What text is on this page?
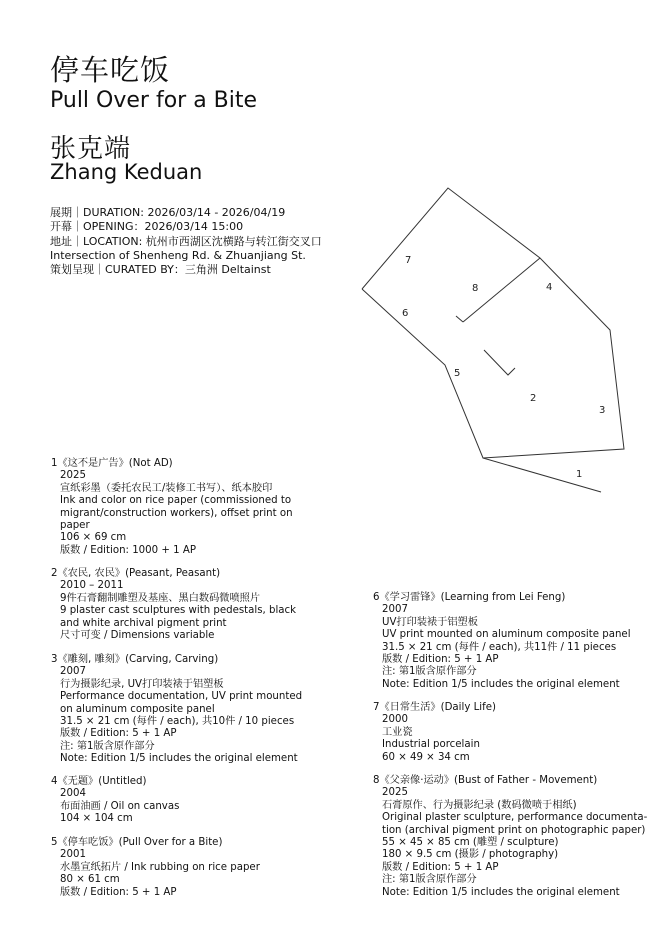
停车吃饭
Pull Over for a Bite
张克端
Zhang Keduan
展期｜DURATION: 2026/03/14 - 2026/04/19
开幕｜OPENING：2026/03/14 15:00
地址｜LOCATION: 杭州市西湖区沈横路与转江街交叉口
Intersection of Shenheng Rd. & Zhuanjiang St.
策划呈现｜CURATED BY：三角洲 Deltainst
1
2
3
4
5
6
7
8
1《这不是广告》(Not AD)
2025
宣纸彩墨（委托农民工/装修工书写）、纸本胶印
Ink and color on rice paper (commissioned to
migrant/construction workers), offset print on
paper
106 × 69 cm
版数 / Edition: 1000 + 1 AP
2《农民, 农民》(Peasant, Peasant)
2010 – 2011
9件石膏翻制雕塑及基座、黑白数码微喷照片
9 plaster cast sculptures with pedestals, black
and white archival pigment print
尺寸可变 / Dimensions variable
3《雕刻, 雕刻》(Carving, Carving)
2007
行为摄影纪录, UV打印装裱于铝塑板
Performance documentation, UV print mounted
on aluminum composite panel
31.5 × 21 cm (每件 / each), 共10件 / 10 pieces
版数 / Edition: 5 + 1 AP
注: 第1版含原作部分
Note: Edition 1/5 includes the original element
4《无题》(Untitled)
2004
布面油画 / Oil on canvas
104 × 104 cm
5《停车吃饭》(Pull Over for a Bite)
2001
水墨宣纸拓片 / Ink rubbing on rice paper
80 × 61 cm
版数 / Edition: 5 + 1 AP
6《学习雷锋》(Learning from Lei Feng)
2007
UV打印装裱于铝塑板
UV print mounted on aluminum composite panel
31.5 × 21 cm (每件 / each), 共11件 / 11 pieces
版数 / Edition: 5 + 1 AP
注: 第1版含原作部分
Note: Edition 1/5 includes the original element
7《日常生活》(Daily Life)
2000
工业瓷
Industrial porcelain
60 × 49 × 34 cm
8《父亲像·运动》(Bust of Father - Movement)
2025
石膏原作、行为摄影纪录 (数码微喷于相纸)
Original plaster sculpture, performance documenta-
tion (archival pigment print on photographic paper)
55 × 45 × 85 cm (雕塑 / sculpture)
180 × 9.5 cm (摄影 / photography)
版数 / Edition: 5 + 1 AP
注: 第1版含原作部分
Note: Edition 1/5 includes the original element
